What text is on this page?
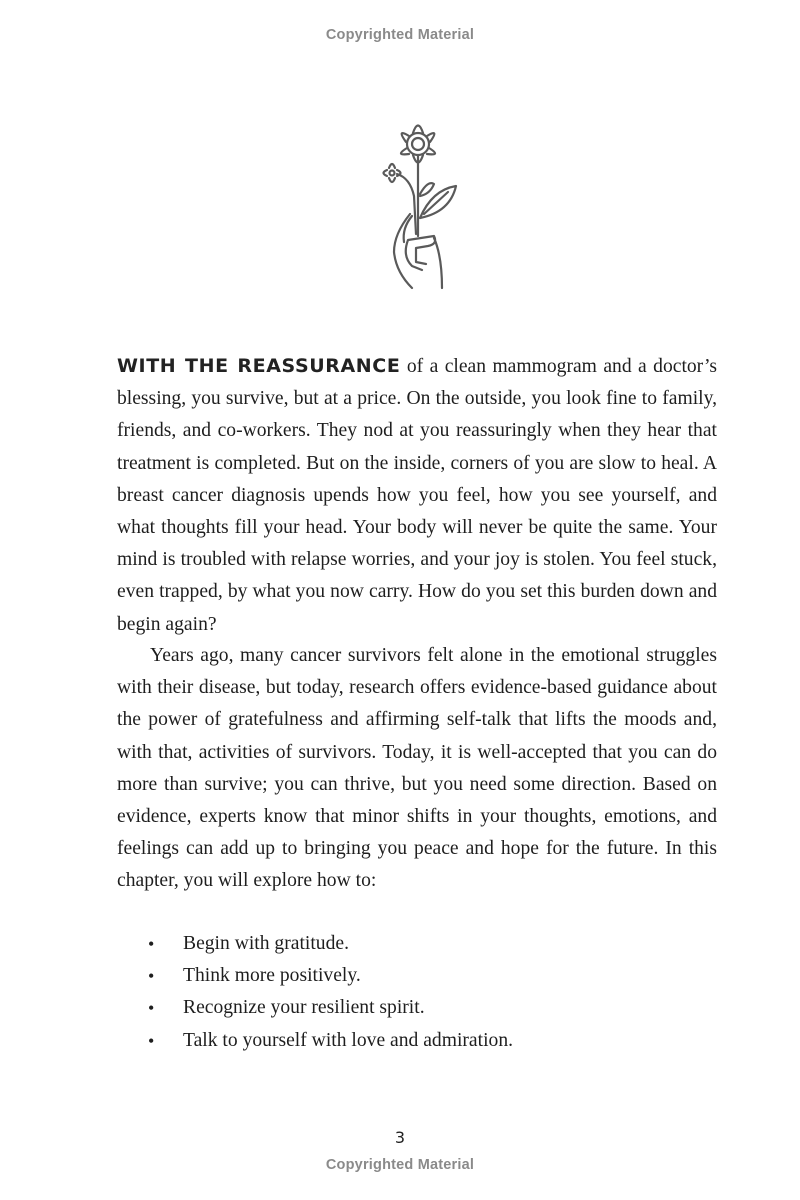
Copyrighted Material

WITH THE REASSURANCE of a clean mammogram and a doctor’s blessing, you survive, but at a price. On the outside, you look fine to family, friends, and co-workers. They nod at you reassuringly when they hear that treatment is completed. But on the inside, corners of you are slow to heal. A breast cancer diagnosis upends how you feel, how you see yourself, and what thoughts fill your head. Your body will never be quite the same. Your mind is troubled with relapse worries, and your joy is stolen. You feel stuck, even trapped, by what you now carry. How do you set this burden down and begin again?

Years ago, many cancer survivors felt alone in the emotional struggles with their disease, but today, research offers evidence-based guidance about the power of gratefulness and affirming self-talk that lifts the moods and, with that, activities of survivors. Today, it is well-accepted that you can do more than survive; you can thrive, but you need some direction. Based on evidence, experts know that minor shifts in your thoughts, emotions, and feelings can add up to bringing you peace and hope for the future. In this chapter, you will explore how to:

• Begin with gratitude.
• Think more positively.
• Recognize your resilient spirit.
• Talk to yourself with love and admiration.
3
Copyrighted Material
